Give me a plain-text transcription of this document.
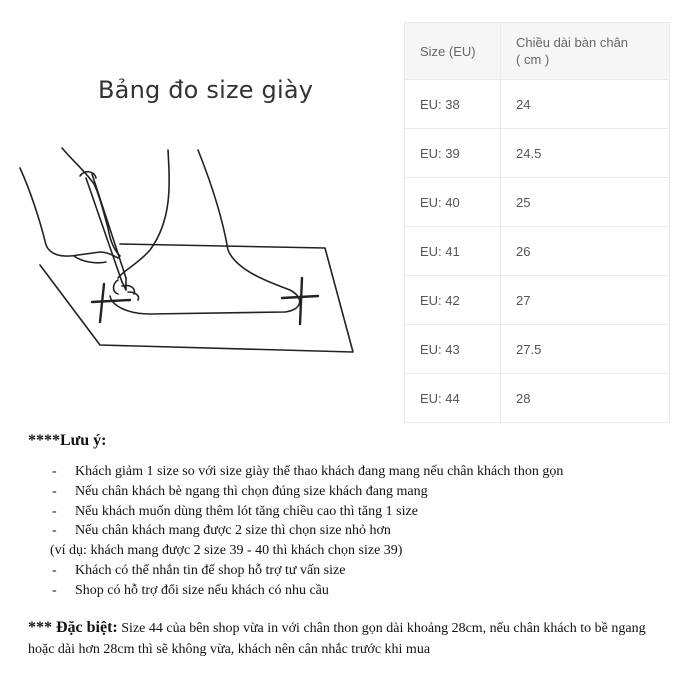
Bảng đo size giày
Size (EU)	Chiều dài bàn chân
( cm )
EU: 38	24
EU: 39	24.5
EU: 40	25
EU: 41	26
EU: 42	27
EU: 43	27.5
EU: 44	28
****Lưu ý:
- Khách giảm 1 size so với size giày thể thao khách đang mang nếu chân khách thon gọn
- Nếu chân khách bè ngang thì chọn đúng size khách đang mang
- Nếu khách muốn dùng thêm lót tăng chiều cao thì tăng 1 size
- Nếu chân khách mang được 2 size thì chọn size nhỏ hơn
(ví dụ: khách mang được 2 size 39 - 40 thì khách chọn size 39)
- Khách có thể nhắn tin để shop hỗ trợ tư vấn size
- Shop có hỗ trợ đổi size nếu khách có nhu cầu
*** Đặc biệt: Size 44 của bên shop vừa in với chân thon gọn dài khoảng 28cm, nếu chân khách to bề ngang hoặc dài hơn 28cm thì sẽ không vừa, khách nên cân nhắc trước khi mua
